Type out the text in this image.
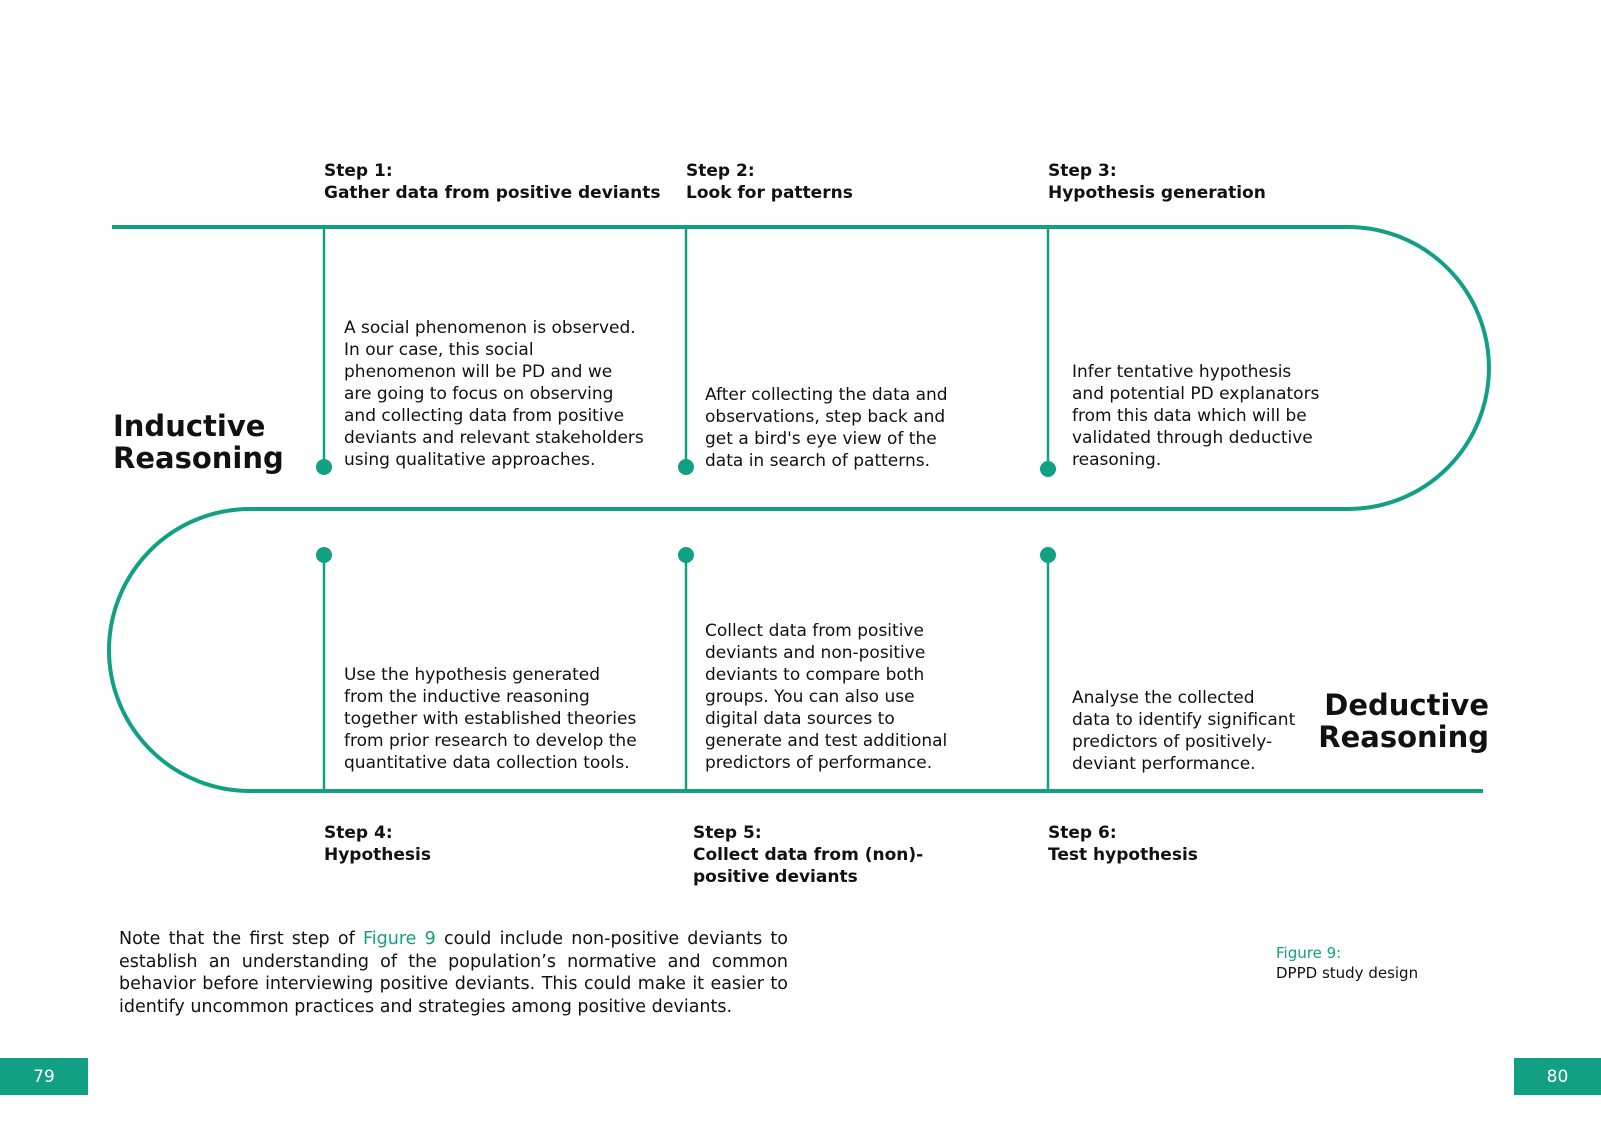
Step 1:
Gather data from positive deviants
Step 2:
Look for patterns
Step 3:
Hypothesis generation
A social phenomenon is observed. In our case, this social phenomenon will be PD and we are going to focus on observing and collecting data from positive deviants and relevant stakeholders using qualitative approaches.
After collecting the data and observations, step back and get a bird's eye view of the data in search of patterns.
Infer tentative hypothesis and potential PD explanators from this data which will be validated through deductive reasoning.
Inductive
Reasoning
Use the hypothesis generated from the inductive reasoning together with established theories from prior research to develop the quantitative data collection tools.
Collect data from positive deviants and non-positive deviants to compare both groups. You can also use digital data sources to generate and test additional predictors of performance.
Analyse the collected data to identify significant predictors of positively-deviant performance.
Deductive
Reasoning
Step 4:
Hypothesis
Step 5:
Collect data from (non)-positive deviants
Step 6:
Test hypothesis
Note that the first step of Figure 9 could include non-positive deviants to establish an understanding of the population’s normative and common behavior before interviewing positive deviants. This could make it easier to identify uncommon practices and strategies among positive deviants.
Figure 9:
DPPD study design
79	80
